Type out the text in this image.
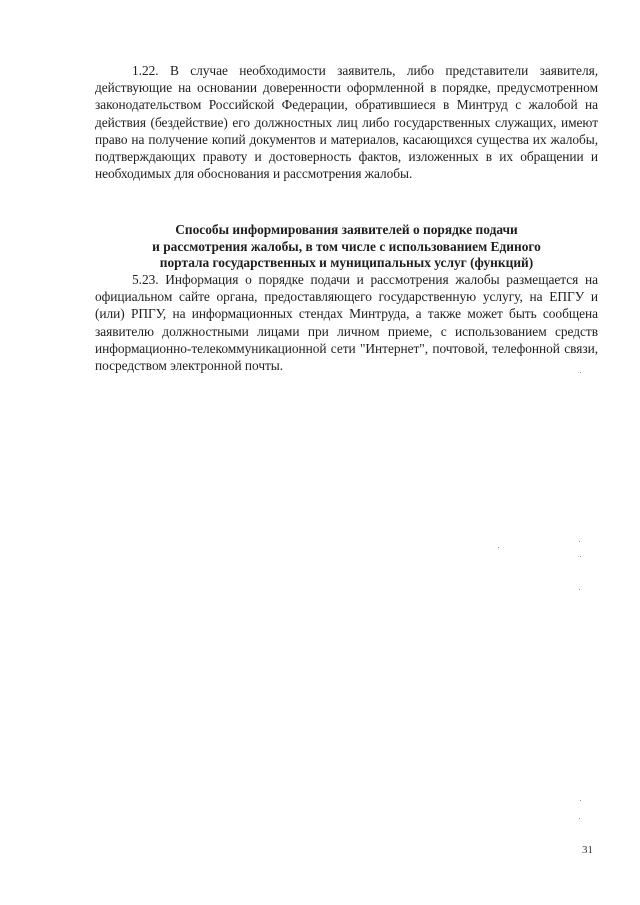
1.22. В случае необходимости заявитель, либо представители заявителя, действующие на основании доверенности оформленной в порядке, предусмотренном законодательством Российской Федерации, обратившиеся в Минтруд с жалобой на действия (бездействие) его должностных лиц либо государственных служащих, имеют право на получение копий документов и материалов, касающихся существа их жалобы, подтверждающих правоту и достоверность фактов, изложенных в их обращении и необходимых для обоснования и рассмотрения жалобы.

Способы информирования заявителей о порядке подачи
и рассмотрения жалобы, в том числе с использованием Единого
портала государственных и муниципальных услуг (функций)

5.23. Информация о порядке подачи и рассмотрения жалобы размещается на официальном сайте органа, предоставляющего государственную услугу, на ЕПГУ и (или) РПГУ, на информационных стендах Минтруда, а также может быть сообщена заявителю должностными лицами при личном приеме, с использованием средств информационно-телекоммуникационной сети "Интернет", почтовой, телефонной связи, посредством электронной почты.

31
